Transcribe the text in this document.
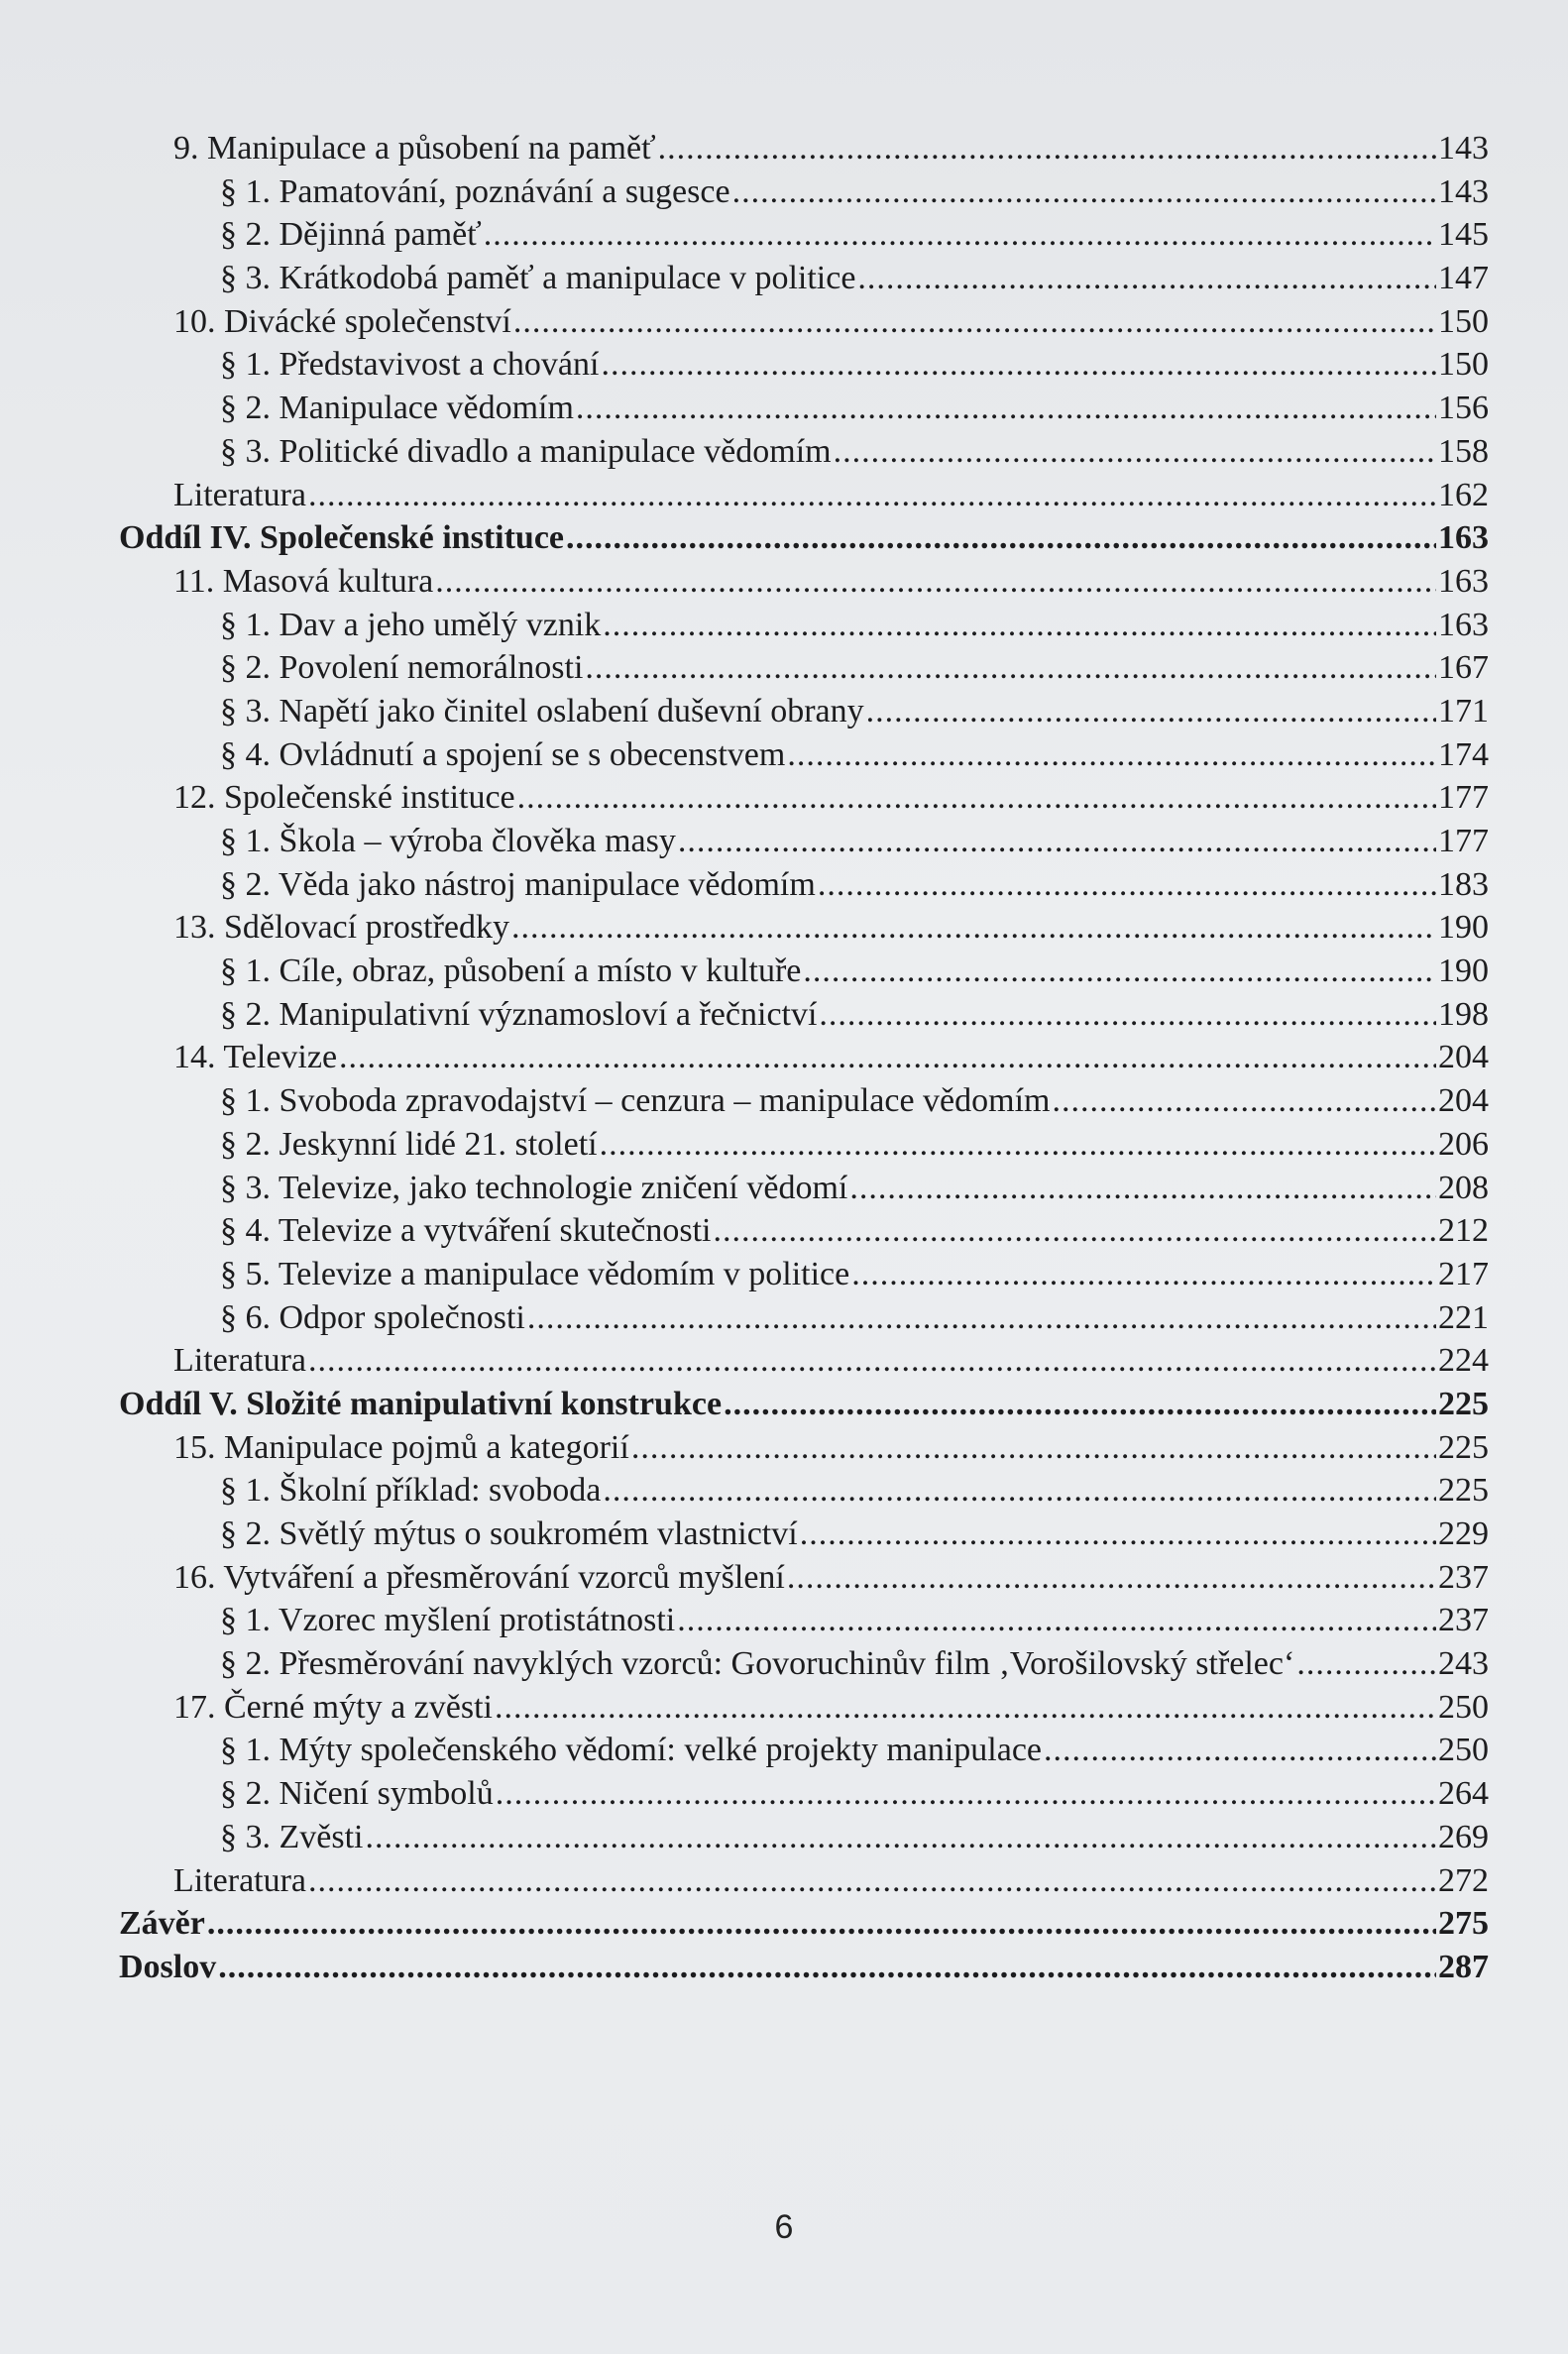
9. Manipulace a působení na paměť .....	143
§ 1. Pamatování, poznávání a sugesce .....	143
§ 2. Dějinná paměť .....	145
§ 3. Krátkodobá paměť a manipulace v politice .....	147
10. Divácké společenství .....	150
§ 1. Představivost a chování .....	150
§ 2. Manipulace vědomím .....	156
§ 3. Politické divadlo a manipulace vědomím .....	158
Literatura .....	162
Oddíl IV. Společenské instituce .....	163
11. Masová kultura .....	163
§ 1. Dav a jeho umělý vznik .....	163
§ 2. Povolení nemorálnosti .....	167
§ 3. Napětí jako činitel oslabení duševní obrany .....	171
§ 4. Ovládnutí a spojení se s obecenstvem .....	174
12. Společenské instituce .....	177
§ 1. Škola – výroba člověka masy .....	177
§ 2. Věda jako nástroj manipulace vědomím .....	183
13. Sdělovací prostředky .....	190
§ 1. Cíle, obraz, působení a místo v kultuře .....	190
§ 2. Manipulativní významosloví a řečnictví .....	198
14. Televize .....	204
§ 1. Svoboda zpravodajství – cenzura – manipulace vědomím .....	204
§ 2. Jeskynní lidé 21. století .....	206
§ 3. Televize, jako technologie zničení vědomí .....	208
§ 4. Televize a vytváření skutečnosti .....	212
§ 5. Televize a manipulace vědomím v politice .....	217
§ 6. Odpor společnosti .....	221
Literatura .....	224
Oddíl V. Složité manipulativní konstrukce .....	225
15. Manipulace pojmů a kategorií .....	225
§ 1. Školní příklad: svoboda .....	225
§ 2. Světlý mýtus o soukromém vlastnictví .....	229
16. Vytváření a přesměrování vzorců myšlení .....	237
§ 1. Vzorec myšlení protistátnosti .....	237
§ 2. Přesměrování navyklých vzorců: Govoruchinův film ‚Vorošilovský střelec‘ .....	243
17. Černé mýty a zvěsti .....	250
§ 1. Mýty společenského vědomí: velké projekty manipulace .....	250
§ 2. Ničení symbolů .....	264
§ 3. Zvěsti .....	269
Literatura .....	272
Závěr .....	275
Doslov .....	287
6
